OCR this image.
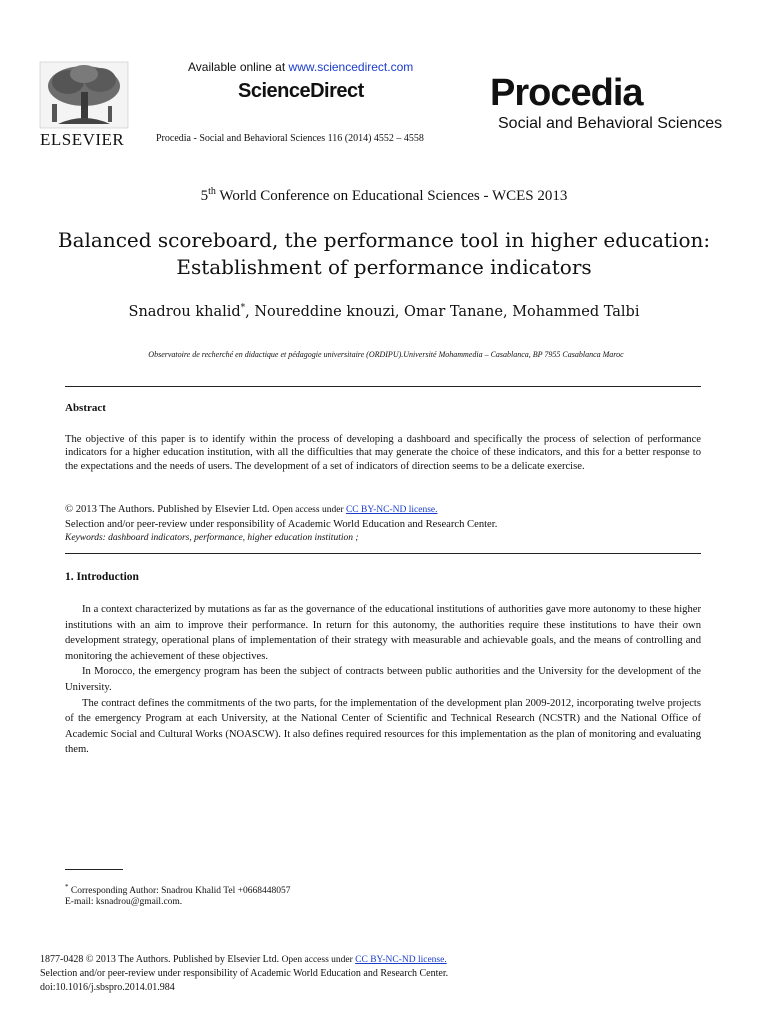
ELSEVIER
Available online at www.sciencedirect.com
ScienceDirect
Procedia - Social and Behavioral Sciences 116 (2014) 4552 – 4558
Procedia
Social and Behavioral Sciences
5th World Conference on Educational Sciences - WCES 2013
Balanced scoreboard, the performance tool in higher education:
Establishment of performance indicators
Snadrou khalid*, Noureddine knouzi, Omar Tanane, Mohammed Talbi
Observatoire de recherché en didactique et pédagogie universitaire (ORDIPU).Université Mohammedia – Casablanca, BP 7955 Casablanca Maroc
Abstract
The objective of this paper is to identify within the process of developing a dashboard and specifically the process of selection of performance indicators for a higher education institution, with all the difficulties that may generate the choice of these indicators, and this for a better response to the expectations and the needs of users. The development of a set of indicators of direction seems to be a delicate exercise.
© 2013 The Authors. Published by Elsevier Ltd. Open access under CC BY-NC-ND license.
Selection and/or peer-review under responsibility of Academic World Education and Research Center.
Keywords: dashboard indicators, performance, higher education institution ;
1. Introduction

In a context characterized by mutations as far as the governance of the educational institutions of authorities gave more autonomy to these higher institutions with an aim to improve their performance. In return for this autonomy, the authorities require these institutions to have their own development strategy, operational plans of implementation of their strategy with measurable and achievable goals, and the means of controlling and monitoring the achievement of these objectives.

In Morocco, the emergency program has been the subject of contracts between public authorities and the University for the development of the University.

The contract defines the commitments of the two parts, for the implementation of the development plan 2009-2012, incorporating twelve projects of the emergency Program at each University, at the National Center of Scientific and Technical Research (NCSTR) and the National Office of Academic Social and Cultural Works (NOASCW). It also defines required resources for this implementation as the plan of monitoring and evaluating them.

* Corresponding Author: Snadrou Khalid Tel +0668448057
E-mail: ksnadrou@gmail.com.
1877-0428 © 2013 The Authors. Published by Elsevier Ltd. Open access under CC BY-NC-ND license.
Selection and/or peer-review under responsibility of Academic World Education and Research Center.
doi:10.1016/j.sbspro.2014.01.984
